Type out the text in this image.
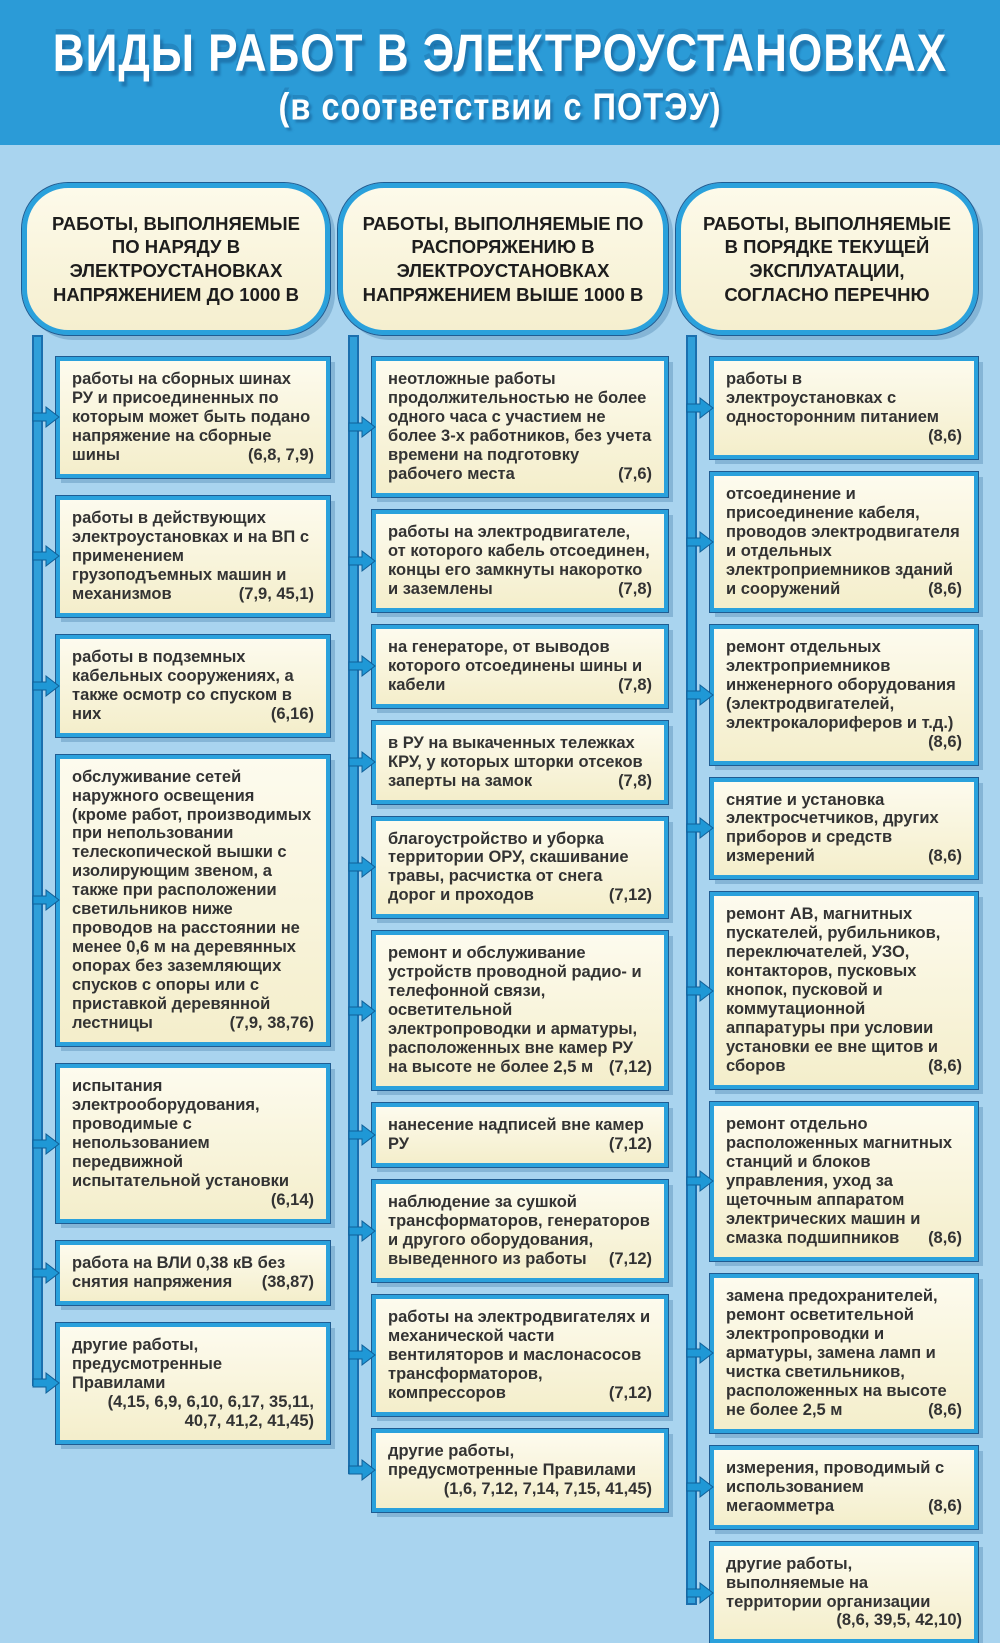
ВИДЫ РАБОТ В ЭЛЕКТРОУСТАНОВКАХ
(в соответствии с ПОТЭУ)
РАБОТЫ, ВЫПОЛНЯЕМЫЕ ПО НАРЯДУ В ЭЛЕКТРОУСТАНОВКАХ НАПРЯЖЕНИЕМ ДО 1000 В
работы на сборных шинах РУ и присоединенных по которым может быть подано напряжение на сборные шины	(6,8, 7,9)
работы в действующих электроустановках и на ВП с применением грузоподъемных машин и механизмов	(7,9, 45,1)
работы в подземных кабельных сооружениях, а также осмотр со спуском в них	(6,16)
обслуживание сетей наружного освещения (кроме работ, производимых при непользовании телескопической вышки с изолирующим звеном, а также при расположении светильников ниже проводов на расстоянии не менее 0,6 м на деревянных опорах без заземляющих спусков с опоры или с приставкой деревянной лестницы	(7,9, 38,76)
испытания электрооборудования, проводимые с непользованием передвижной испытательной установки
(6,14)
работа на ВЛИ 0,38 кВ без снятия напряжения (38,87)
другие работы, предусмотренные Правилами
(4,15, 6,9, 6,10, 6,17, 35,11, 40,7, 41,2, 41,45)
РАБОТЫ, ВЫПОЛНЯЕМЫЕ ПО РАСПОРЯЖЕНИЮ В ЭЛЕКТРОУСТАНОВКАХ НАПРЯЖЕНИЕМ ВЫШЕ 1000 В
неотложные работы продолжительностью не более одного часа с участием не более 3-х работников, без учета времени на подготовку рабочего места	(7,6)
работы на электродвигателе, от которого кабель отсоединен, концы его замкнуты накоротко и заземлены	(7,8)
на генераторе, от выводов которого отсоединены шины и кабели	(7,8)
в РУ на выкаченных тележках КРУ, у которых шторки отсеков заперты на замок	(7,8)
благоустройство и уборка территории ОРУ, скашивание травы, расчистка от снега дорог и проходов	(7,12)
ремонт и обслуживание устройств проводной радио- и телефонной связи, осветительной электропроводки и арматуры, расположенных вне камер РУ на высоте не более 2,5 м (7,12)
нанесение надписей вне камер РУ	(7,12)
наблюдение за сушкой трансформаторов, генераторов и другого оборудования, выведенного из работы (7,12)
работы на электродвигателях и механической части вентиляторов и маслонасосов трансформаторов, компрессоров	(7,12)
другие работы, предусмотренные Правилами
(1,6, 7,12, 7,14, 7,15, 41,45)
РАБОТЫ, ВЫПОЛНЯЕМЫЕ В ПОРЯДКЕ ТЕКУЩЕЙ ЭКСПЛУАТАЦИИ, СОГЛАСНО ПЕРЕЧНЮ
работы в электроустановках с односторонним питанием
(8,6)
отсоединение и присоединение кабеля, проводов электродвигателя и отдельных электроприемников зданий и сооружений	(8,6)
ремонт отдельных электроприемников инженерного оборудования (электродвигателей, электрокалориферов и т.д.)
(8,6)
снятие и установка электросчетчиков, других приборов и средств измерений	(8,6)
ремонт АВ, магнитных пускателей, рубильников, переключателей, УЗО, контакторов, пусковых кнопок, пусковой и коммутационной аппаратуры при условии установки ее вне щитов и сборов	(8,6)
ремонт отдельно расположенных магнитных станций и блоков управления, уход за щеточным аппаратом электрических машин и смазка подшипников (8,6)
замена предохранителей, ремонт осветительной электропроводки и арматуры, замена ламп и чистка светильников, расположенных на высоте не более 2,5 м	(8,6)
измерения, проводимый с использованием мегаомметра	(8,6)
другие работы, выполняемые на территории организации
(8,6, 39,5, 42,10)
